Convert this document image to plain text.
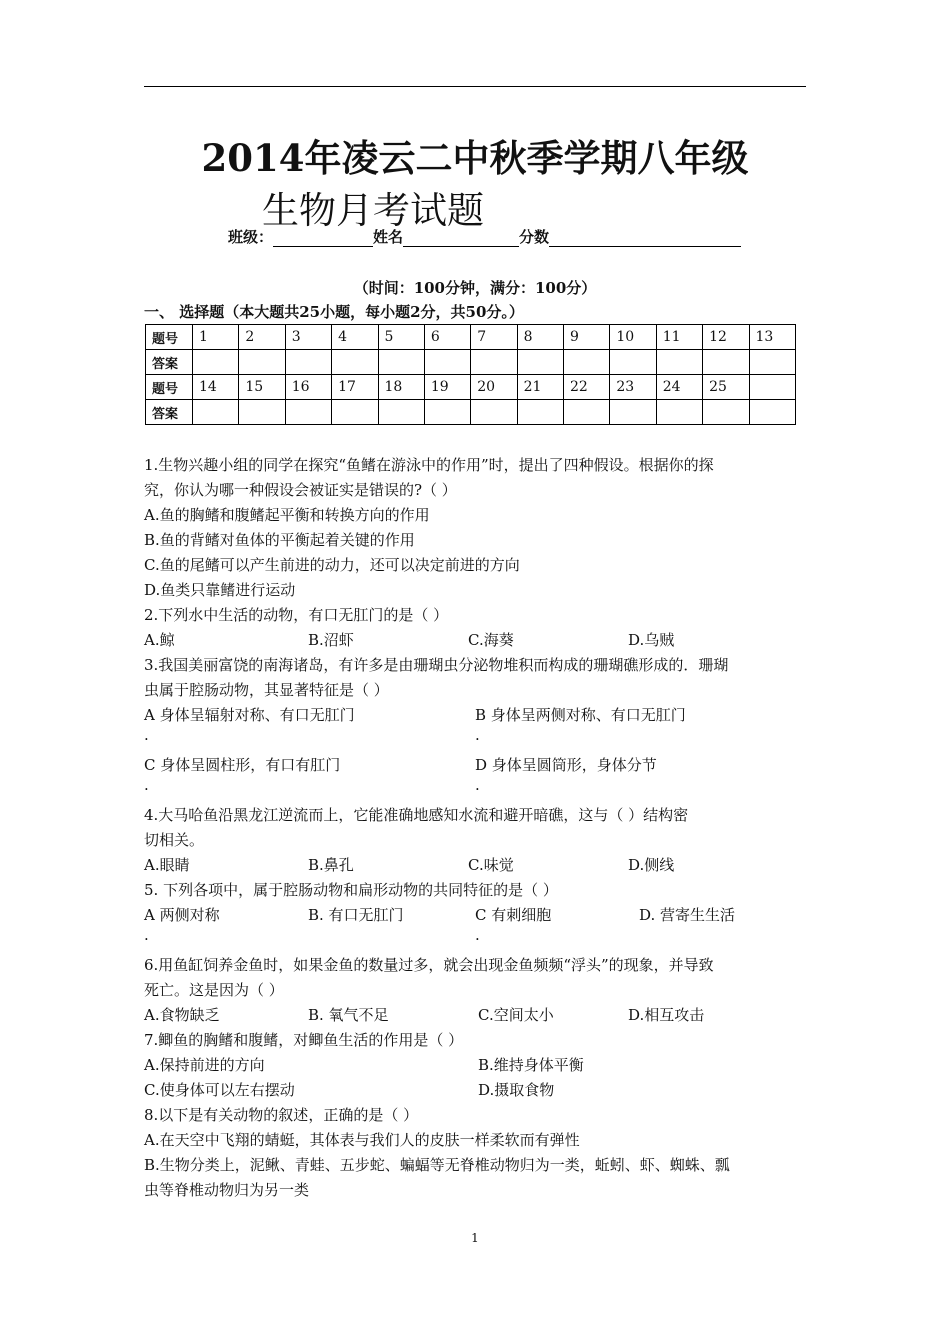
2014年凌云二中秋季学期八年级
生物月考试题
班级：	姓名	分数
（时间：100分钟，满分：100分）
一、 选择题（本大题共25小题，每小题2分，共50分。）
题号	1	2	3	4	5	6	7	8	9	10	11	12	13
答案													
题号	14	15	16	17	18	19	20	21	22	23	24	25	
答案													
1.生物兴趣小组的同学在探究“鱼鳍在游泳中的作用”时，提出了四种假设。根据你的探
究，你认为哪一种假设会被证实是错误的?（ ）
A.鱼的胸鳍和腹鳍起平衡和转换方向的作用
B.鱼的背鳍对鱼体的平衡起着关键的作用
C.鱼的尾鳍可以产生前进的动力，还可以决定前进的方向
D.鱼类只靠鳍进行运动
2.下列水中生活的动物，有口无肛门的是（ ）
A.鲸	B.沼虾	C.海葵	D.乌贼
3.我国美丽富饶的南海诸岛，有许多是由珊瑚虫分泌物堆积而构成的珊瑚礁形成的．珊瑚
虫属于腔肠动物，其显著特征是（ ）
A 身体呈辐射对称、有口无肛门	B 身体呈两侧对称、有口无肛门
.	.
C 身体呈圆柱形，有口有肛门	D 身体呈圆筒形，身体分节
.	.
4.大马哈鱼沿黑龙江逆流而上，它能准确地感知水流和避开暗礁，这与（ ）结构密
切相关。
A.眼睛	B.鼻孔	C.味觉	D.侧线
5. 下列各项中，属于腔肠动物和扁形动物的共同特征的是（ ）
A 两侧对称	B. 有口无肛门	C 有刺细胞	D. 营寄生生活
.	.
6.用鱼缸饲养金鱼时，如果金鱼的数量过多，就会出现金鱼频频“浮头”的现象，并导致
死亡。这是因为（ ）
A.食物缺乏	B. 氧气不足	C.空间太小	D.相互攻击
7.鲫鱼的胸鳍和腹鳍，对鲫鱼生活的作用是（ ）
A.保持前进的方向	B.维持身体平衡
C.使身体可以左右摆动	D.摄取食物
8.以下是有关动物的叙述，正确的是（ ）
A.在天空中飞翔的蜻蜓，其体表与我们人的皮肤一样柔软而有弹性
B.生物分类上，泥鳅、青蛙、五步蛇、蝙蝠等无脊椎动物归为一类，蚯蚓、虾、蜘蛛、瓢
虫等脊椎动物归为另一类
1
